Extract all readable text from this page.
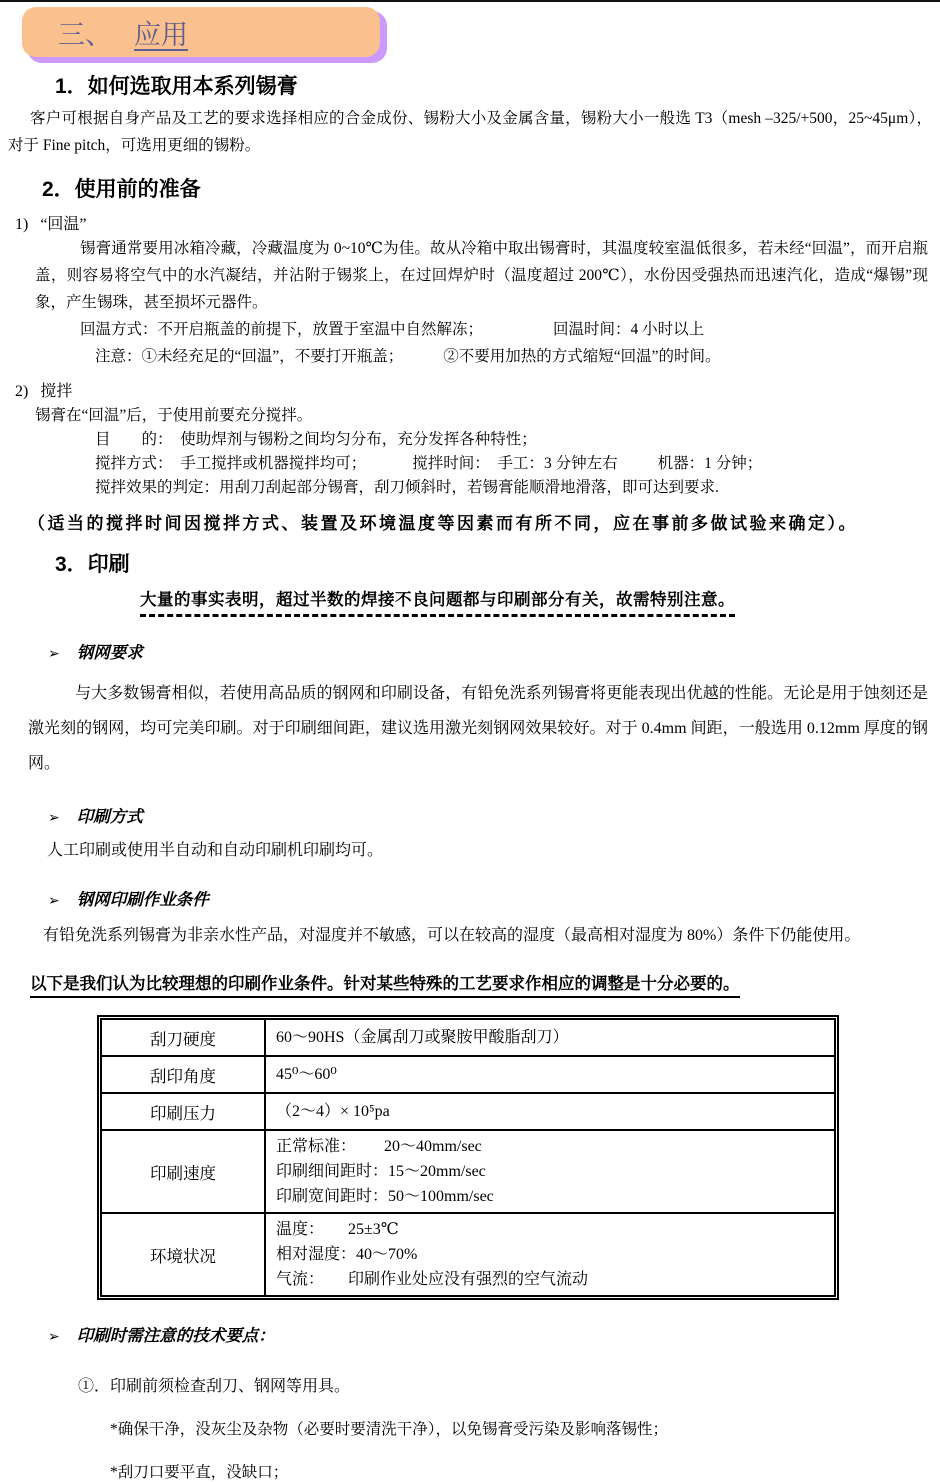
三、 应用
1．如何选取用本系列锡膏

客户可根据自身产品及工艺的要求选择相应的合金成份、锡粉大小及金属含量，锡粉大小一般选 T3（mesh –325/+500，25~45μm），对于 Fine pitch，可选用更细的锡粉。

2．使用前的准备
1) “回温”

锡膏通常要用冰箱冷藏，冷藏温度为 0~10℃为佳。故从冷箱中取出锡膏时，其温度较室温低很多，若未经“回温”，而开启瓶盖，则容易将空气中的水汽凝结，并沾附于锡浆上，在过回焊炉时（温度超过 200℃），水份因受强热而迅速汽化，造成“爆锡”现象，产生锡珠，甚至损坏元器件。

回温方式：不开启瓶盖的前提下，放置于室温中自然解冻；	回温时间：4 小时以上
注意：①未经充足的“回温”，不要打开瓶盖；	②不要用加热的方式缩短“回温”的时间。
2) 搅拌

锡膏在“回温”后，于使用前要充分搅拌。

目　　的：　使助焊剂与锡粉之间均匀分布，充分发挥各种特性；
搅拌方式：　手工搅拌或机器搅拌均可；	搅拌时间：　手工：3 分钟左右	机器：1 分钟；
搅拌效果的判定：用刮刀刮起部分锡膏，刮刀倾斜时，若锡膏能顺滑地滑落，即可达到要求.
（适当的搅拌时间因搅拌方式、装置及环境温度等因素而有所不同，应在事前多做试验来确定）。
3．印刷
大量的事实表明，超过半数的焊接不良问题都与印刷部分有关，故需特别注意。
➢ 钢网要求

与大多数锡膏相似，若使用高品质的钢网和印刷设备，有铅免洗系列锡膏将更能表现出优越的性能。无论是用于蚀刻还是激光刻的钢网，均可完美印刷。对于印刷细间距，建议选用激光刻钢网效果较好。对于 0.4mm 间距，一般选用 0.12mm 厚度的钢网。

➢ 印刷方式

人工印刷或使用半自动和自动印刷机印刷均可。

➢ 钢网印刷作业条件

有铅免洗系列锡膏为非亲水性产品，对湿度并不敏感，可以在较高的湿度（最高相对湿度为 80%）条件下仍能使用。

以下是我们认为比较理想的印刷作业条件。针对某些特殊的工艺要求作相应的调整是十分必要的。
刮刀硬度	60～90HS（金属刮刀或聚胺甲酸脂刮刀）

刮印角度	45⁰～60⁰

印刷压力	（2～4）× 10⁵pa

印刷速度	正常标准：　　 20～40mm/sec
印刷细间距时：15～20mm/sec
印刷宽间距时：50～100mm/sec

环境状况	温度：　　25±3℃
相对湿度：40～70%
气流：　　印刷作业处应没有强烈的空气流动
➢ 印刷时需注意的技术要点：
①．印刷前须检查刮刀、钢网等用具。
*确保干净，没灰尘及杂物（必要时要清洗干净），以免锡膏受污染及影响落锡性；
*刮刀口要平直，没缺口；
